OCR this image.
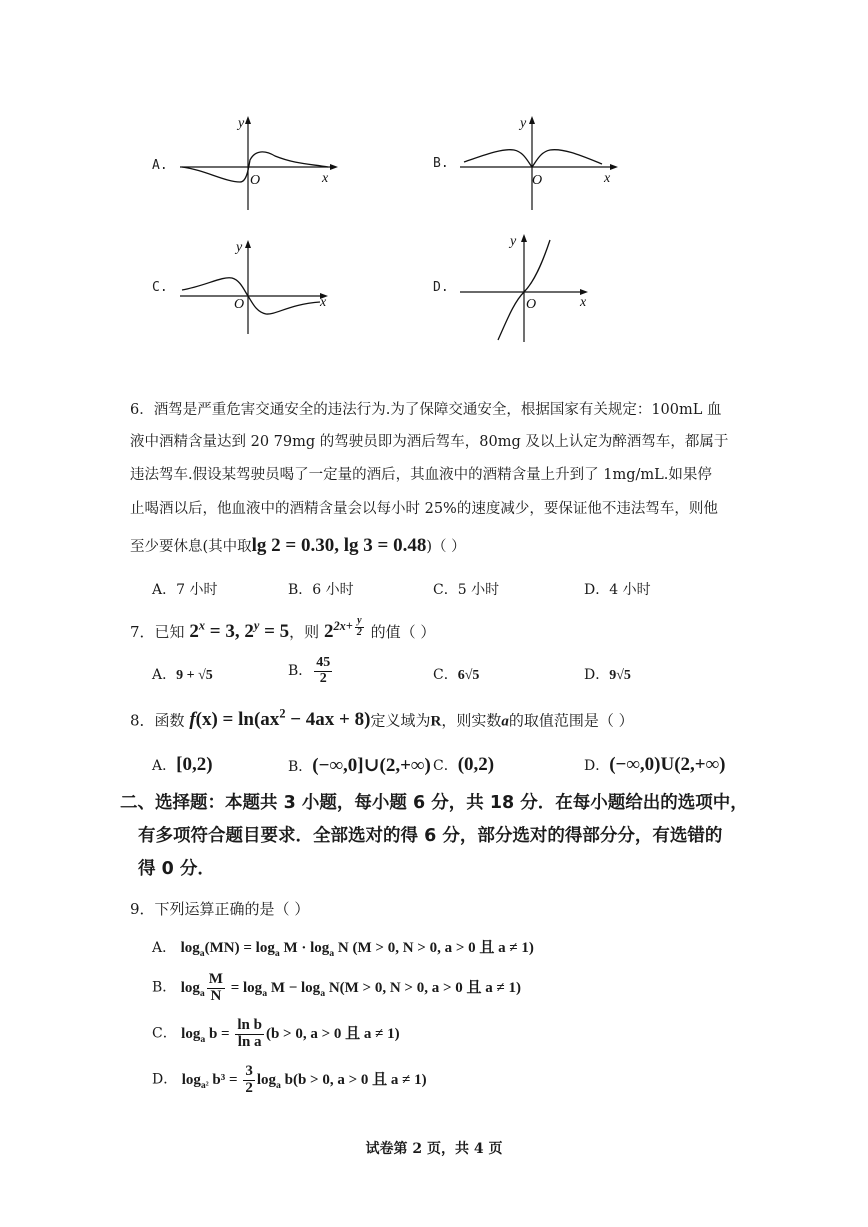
A.
y
x
O
B.
y
x
O
C.
y
x
O
D.
y
x
O
6．酒驾是严重危害交通安全的违法行为.为了保障交通安全，根据国家有关规定：100mL 血
液中酒精含量达到 20 79mg 的驾驶员即为酒后驾车，80mg 及以上认定为醉酒驾车，都属于
违法驾车.假设某驾驶员喝了一定量的酒后，其血液中的酒精含量上升到了 1mg/mL.如果停
止喝酒以后，他血液中的酒精含量会以每小时 25%的速度减少，要保证他不违法驾车，则他
至少要休息(其中取lg 2 = 0.30, lg 3 = 0.48)（ ）
A．7 小时	B．6 小时	C．5 小时	D．4 小时
7．已知 $2^x = 3$, $2^y = 5$，则 $2^{2x+ \frac{y}{2}}$ 的值（ ）
A．9 + √5	B． $\frac{45}{2}$	C．6√5	D．9√5
8．函数 $f(x) = \ln(ax^2 - 4ax + 8)$定义域为R，则实数a的取值范围是（ ）
A．[0,2)	B．(−∞,0]∪(2,+∞) C．(0,2)	D．(−∞,0)U(2,+∞)
二、选择题：本题共 3 小题，每小题 6 分，共 18 分．在每小题给出的选项中，
有多项符合题目要求．全部选对的得 6 分，部分选对的得部分分，有选错的
得 0 分．
9．下列运算正确的是（ ）
A． $\log_a(MN) = \log_a M \cdot \log_a N$ (M > 0, N > 0, a > 0 且 a ≠ 1)
B． $\log_a \frac{M}{N} = \log_a M - \log_a N(M > 0$, N > 0, a > 0 且 a ≠ 1)
C． $\log_a b = \frac{\text{ln b}}{\text{ln a}} (b > 0$, a > 0 且 a ≠ 1)
D． $\log_{a^2} b^3 = \frac{3}{2} \log_a b(b > 0$, a > 0 且 a ≠ 1)
试卷第 2 页，共 4 页
